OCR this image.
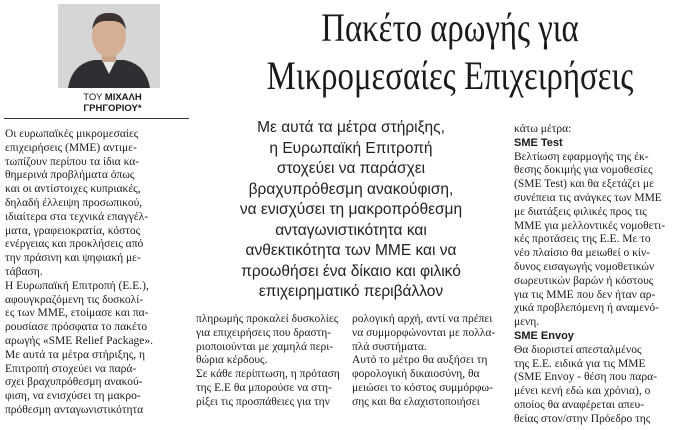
ΤΟΥ ΜΙΧΑΛΗ
ΓΡΗΓΟΡΙΟΥ*
Πακέτο αρωγής για
Μικρομεσαίες Επιχειρήσεις
Οι ευρωπαϊκές μικρομεσαίες
επιχειρήσεις (ΜΜΕ) αντιμε-
τωπίζουν περίπου τα ίδια κα-
θημερινά προβλήματα όπως
και οι αντίστοιχες κυπριακές,
δηλαδή έλλειψη προσωπικού,
ιδιαίτερα στα τεχνικά επαγγέλ-
ματα, γραφειοκρατία, κόστος
ενέργειας και προκλήσεις από
την πράσινη και ψηφιακή με-
τάβαση.
Η Ευρωπαϊκή Επιτροπή (Ε.Ε.),
αφουγκραζόμενη τις δυσκολί-
ες των ΜΜΕ, ετοίμασε και πα-
ρουσίασε πρόσφατα το πακέτο
αρωγής «SME Relief Package».
Με αυτά τα μέτρα στήριξης, η
Επιτροπή στοχεύει να παρά-
σχει βραχυπρόθεσμη ανακού-
φιση, να ενισχύσει τη μακρο-
πρόθεσμη ανταγωνιστικότητα
Με αυτά τα μέτρα στήριξης,
η Ευρωπαϊκή Επιτροπή
στοχεύει να παράσχει
βραχυπρόθεσμη ανακούφιση,
να ενισχύσει τη μακροπρόθεσμη
ανταγωνιστικότητα και
ανθεκτικότητα των ΜΜΕ και να
προωθήσει ένα δίκαιο και φιλικό
επιχειρηματικό περιβάλλον
πληρωμής προκαλεί δυσκολίες
για επιχειρήσεις που δραστη-
ριοποιούνται με χαμηλά περι-
θώρια κέρδους.
Σε κάθε περίπτωση, η πρόταση
της Ε.Ε θα μπορούσε να στη-
ρίξει τις προσπάθειες για την
ρολογική αρχή, αντί να πρέπει
να συμμορφώνονται με πολλα-
πλά συστήματα.
Αυτό το μέτρο θα αυξήσει τη
φορολογική δικαιοσύνη, θα
μειώσει το κόστος συμμόρφω-
σης και θα ελαχιστοποιήσει
κάτω μέτρα:
SME Test
Βελτίωση εφαρμογής της έκ-
θεσης δοκιμής για νομοθεσίες
(SME Test) και θα εξετάζει με
συνέπεια τις ανάγκες των ΜΜΕ
με διατάξεις φιλικές προς τις
ΜΜΕ για μελλοντικές νομοθετι-
κές προτάσεις της Ε.Ε. Με το
νέο πλαίσιο θα μειωθεί ο κίν-
δυνος εισαγωγής νομοθετικών
σωρευτικών βαρών ή κόστους
για τις ΜΜΕ που δεν ήταν αρ-
χικά προβλεπόμενη ή αναμενό-
μενη.
SME Envoy
Θα διοριστεί απεσταλμένος
της Ε.Ε. ειδικά για τις ΜΜΕ
(SME Envoy - θέση που παρα-
μένει κενή εδώ και χρόνια), ο
οποίος θα αναφέρεται απευ-
θείας στον/στην Πρόεδρο της
